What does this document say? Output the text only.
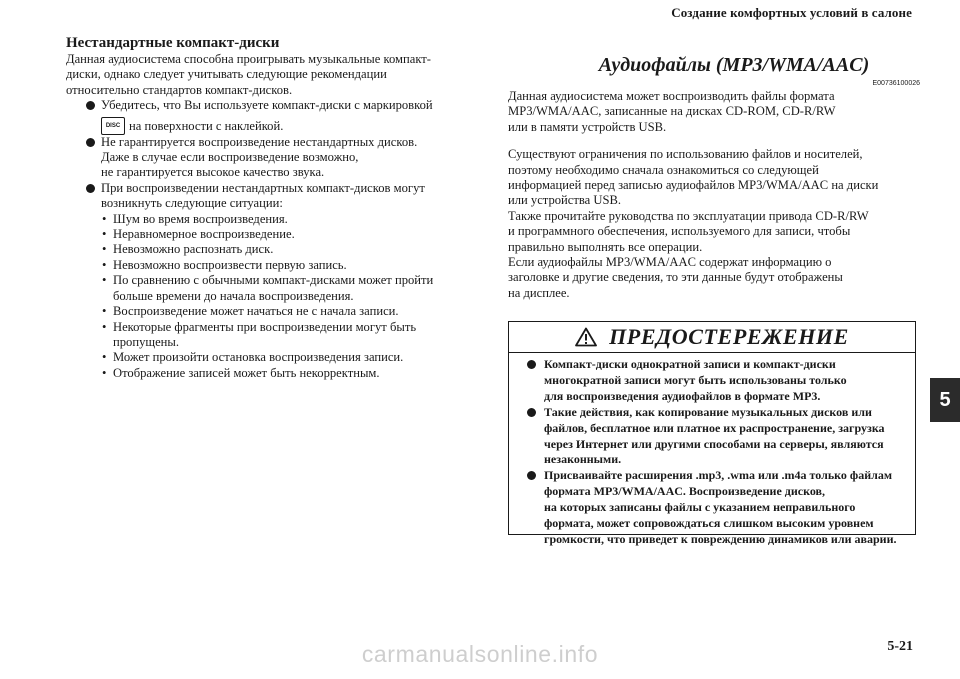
Создание комфортных условий в салоне
5
5-21
Нестандартные компакт-диски

Данная аудиосистема способна проигрывать музыкальные компакт-

диски, однако следует учитывать следующие рекомендации

относительно стандартов компакт-дисков.

Убедитесь, что Вы используете компакт-диски с маркировкой
DISC на поверхности с наклейкой.
Не гарантируется воспроизведение нестандартных дисков.
Даже в случае если воспроизведение возможно,
не гарантируется высокое качество звука.
При воспроизведении нестандартных компакт-дисков могут
возникнуть следующие ситуации:
• Шум во время воспроизведения.
• Неравномерное воспроизведение.
• Невозможно распознать диск.
• Невозможно воспроизвести первую запись.
• По сравнению с обычными компакт-дисками может пройти
больше времени до начала воспроизведения.
• Воспроизведение может начаться не с начала записи.
• Некоторые фрагменты при воспроизведении могут быть
пропущены.
• Может произойти остановка воспроизведения записи.
• Отображение записей может быть некорректным.
Аудиофайлы (MP3/WMA/AAC)
E00736100026
Данная аудиосистема может воспроизводить файлы формата
MP3/WMA/AAC, записанные на дисках CD-ROM, CD-R/RW
или в памяти устройств USB.
Существуют ограничения по использованию файлов и носителей,
поэтому необходимо сначала ознакомиться со следующей
информацией перед записью аудиофайлов MP3/WMA/AAC на диски
или устройства USB.
Также прочитайте руководства по эксплуатации привода CD-R/RW
и программного обеспечения, используемого для записи, чтобы
правильно выполнять все операции.
Если аудиофайлы MP3/WMA/AAC содержат информацию о
заголовке и другие сведения, то эти данные будут отображены
на дисплее.
ПРЕДОСТЕРЕЖЕНИЕ
Компакт-диски однократной записи и компакт-диски
многократной записи могут быть использованы только
для воспроизведения аудиофайлов в формате MP3.
Такие действия, как копирование музыкальных дисков или
файлов, бесплатное или платное их распространение, загрузка
через Интернет или другими способами на серверы, являются
незаконными.
Присваивайте расширения .mp3, .wma или .m4a только файлам
формата MP3/WMA/AAC. Воспроизведение дисков,
на которых записаны файлы с указанием неправильного
формата, может сопровождаться слишком высоким уровнем
громкости, что приведет к повреждению динамиков или аварии.
carmanualsonline.info
